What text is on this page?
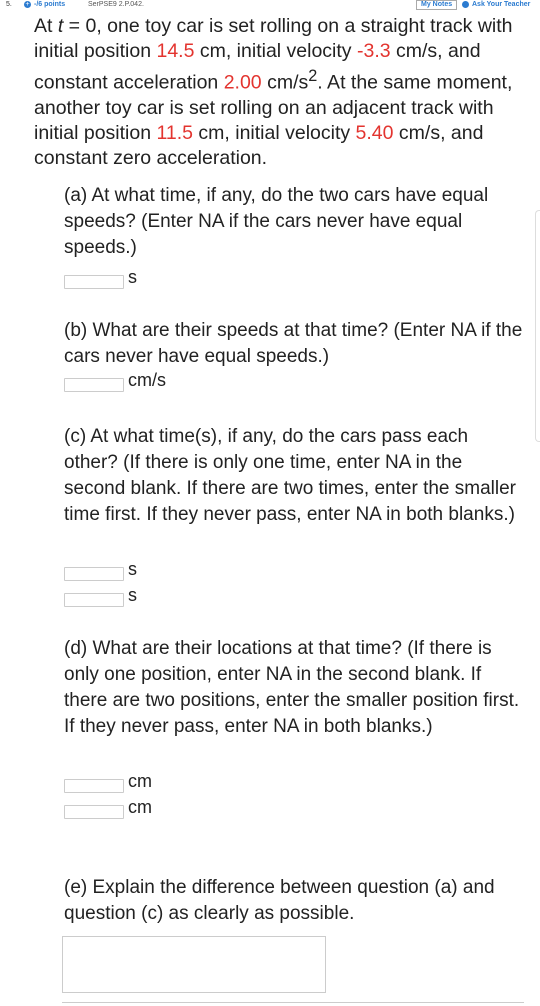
5. + -/6 points	SerPSE9 2.P.042.	My Notes	Ask Your Teacher
At t = 0, one toy car is set rolling on a straight track with initial position 14.5 cm, initial velocity -3.3 cm/s, and constant acceleration 2.00 $cm/s^2$. At the same moment, another toy car is set rolling on an adjacent track with initial position 11.5 cm, initial velocity 5.40 cm/s, and constant zero acceleration.
(a) At what time, if any, do the two cars have equal speeds? (Enter NA if the cars never have equal speeds.)
s
(b) What are their speeds at that time? (Enter NA if the cars never have equal speeds.)
cm/s
(c) At what time(s), if any, do the cars pass each other? (If there is only one time, enter NA in the second blank. If there are two times, enter the smaller time first. If they never pass, enter NA in both blanks.)
s
s
(d) What are their locations at that time? (If there is only one position, enter NA in the second blank. If there are two positions, enter the smaller position first. If they never pass, enter NA in both blanks.)
cm
cm
(e) Explain the difference between question (a) and question (c) as clearly as possible.
